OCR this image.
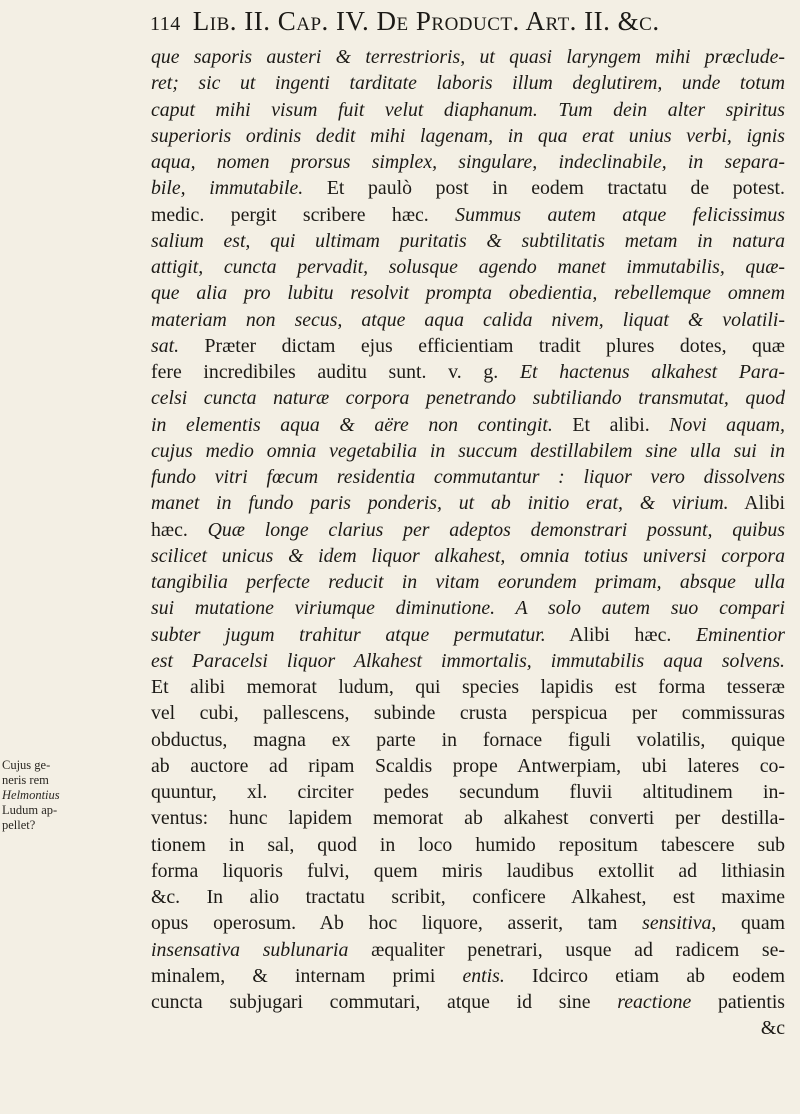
114 Lib. II. Cap. IV. De Product. Art. II. &c.
Cujus ge-
neris rem
Helmontius
Ludum ap-
pellet?
que saporis austeri & terrestrioris, ut quasi laryngem mihi præclude-
ret; sic ut ingenti tarditate laboris illum deglutirem, unde totum
caput mihi visum fuit velut diaphanum. Tum dein alter spiritus
superioris ordinis dedit mihi lagenam, in qua erat unius verbi, ignis
aqua, nomen prorsus simplex, singulare, indeclinabile, in separa-
bile, immutabile. Et paulò post in eodem tractatu de potest.
medic. pergit scribere hæc. Summus autem atque felicissimus
salium est, qui ultimam puritatis & subtilitatis metam in natura
attigit, cuncta pervadit, solusque agendo manet immutabilis, quæ-
que alia pro lubitu resolvit prompta obedientia, rebellemque omnem
materiam non secus, atque aqua calida nivem, liquat & volatili-
sat. Præter dictam ejus efficientiam tradit plures dotes, quæ
fere incredibiles auditu sunt. v. g. Et hactenus alkahest Para-
celsi cuncta naturæ corpora penetrando subtiliando transmutat, quod
in elementis aqua & aëre non contingit. Et alibi. Novi aquam,
cujus medio omnia vegetabilia in succum destillabilem sine ulla sui in
fundo vitri fœcum residentia commutantur : liquor vero dissolvens
manet in fundo paris ponderis, ut ab initio erat, & virium. Alibi
hæc. Quæ longe clarius per adeptos demonstrari possunt, quibus
scilicet unicus & idem liquor alkahest, omnia totius universi corpora
tangibilia perfecte reducit in vitam eorundem primam, absque ulla
sui mutatione viriumque diminutione. A solo autem suo compari
subter jugum trahitur atque permutatur. Alibi hæc. Eminentior
est Paracelsi liquor Alkahest immortalis, immutabilis aqua solvens.
Et alibi memorat ludum, qui species lapidis est forma tesseræ
vel cubi, pallescens, subinde crusta perspicua per commissuras
obductus, magna ex parte in fornace figuli volatilis, quique
ab auctore ad ripam Scaldis prope Antwerpiam, ubi lateres co-
quuntur, xl. circiter pedes secundum fluvii altitudinem in-
ventus: hunc lapidem memorat ab alkahest converti per destilla-
tionem in sal, quod in loco humido repositum tabescere sub
forma liquoris fulvi, quem miris laudibus extollit ad lithiasin
&c. In alio tractatu scribit, conficere Alkahest, est maxime
opus operosum. Ab hoc liquore, asserit, tam sensitiva, quam
insensativa sublunaria æqualiter penetrari, usque ad radicem se-
minalem, & internam primi entis. Idcirco etiam ab eodem
cuncta subjugari commutari, atque id sine reactione patientis
&c
